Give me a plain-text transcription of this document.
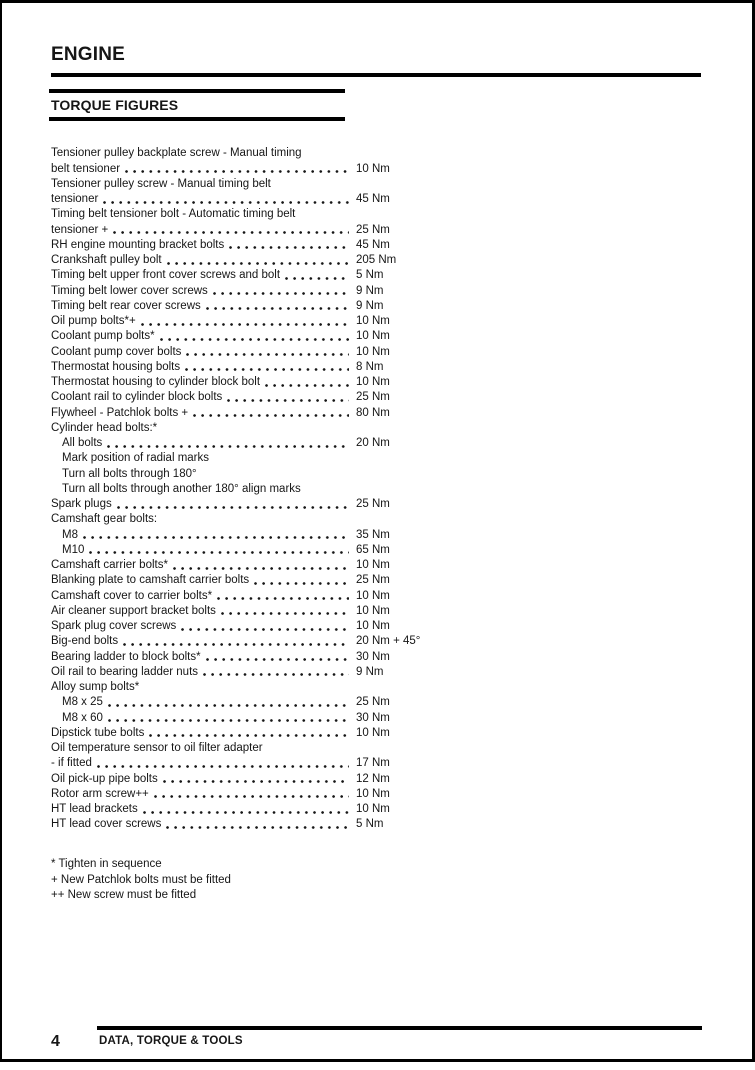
ENGINE
TORQUE FIGURES
Tensioner pulley backplate screw - Manual timing
belt tensioner	10 Nm
Tensioner pulley screw - Manual timing belt
tensioner	45 Nm
Timing belt tensioner bolt - Automatic timing belt
tensioner +	25 Nm
RH engine mounting bracket bolts	45 Nm
Crankshaft pulley bolt	205 Nm
Timing belt upper front cover screws and bolt	5 Nm
Timing belt lower cover screws	9 Nm
Timing belt rear cover screws	9 Nm
Oil pump bolts*+	10 Nm
Coolant pump bolts*	10 Nm
Coolant pump cover bolts	10 Nm
Thermostat housing bolts	8 Nm
Thermostat housing to cylinder block bolt	10 Nm
Coolant rail to cylinder block bolts	25 Nm
Flywheel - Patchlok bolts +	80 Nm
Cylinder head bolts:*
All bolts	20 Nm
Mark position of radial marks
Turn all bolts through 180°
Turn all bolts through another 180° align marks
Spark plugs	25 Nm
Camshaft gear bolts:
M8	35 Nm
M10	65 Nm
Camshaft carrier bolts*	10 Nm
Blanking plate to camshaft carrier bolts	25 Nm
Camshaft cover to carrier bolts*	10 Nm
Air cleaner support bracket bolts	10 Nm
Spark plug cover screws	10 Nm
Big-end bolts	20 Nm + 45°
Bearing ladder to block bolts*	30 Nm
Oil rail to bearing ladder nuts	9 Nm
Alloy sump bolts*
M8 x 25	25 Nm
M8 x 60	30 Nm
Dipstick tube bolts	10 Nm
Oil temperature sensor to oil filter adapter
- if fitted	17 Nm
Oil pick-up pipe bolts	12 Nm
Rotor arm screw++	10 Nm
HT lead brackets	10 Nm
HT lead cover screws	5 Nm
* Tighten in sequence
+ New Patchlok bolts must be fitted
++ New screw must be fitted
4	DATA, TORQUE & TOOLS
